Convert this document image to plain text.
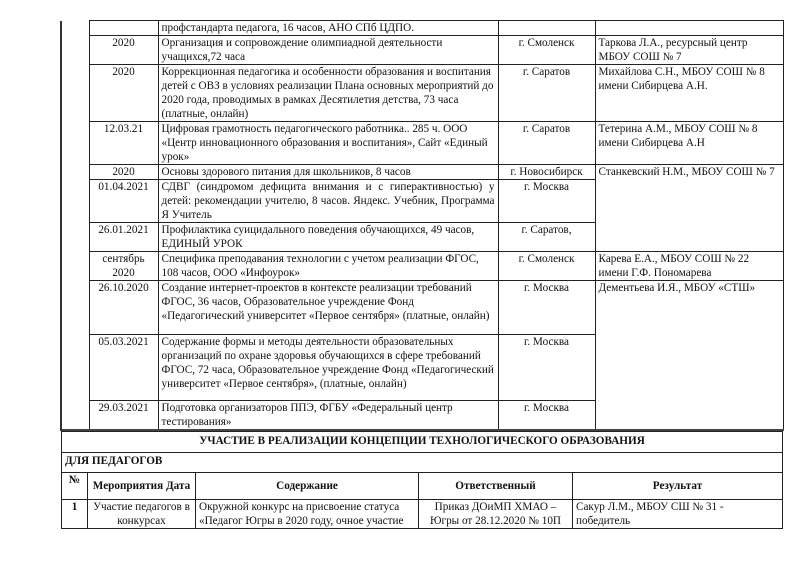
		профстандарта педагога, 16 часов, АНО СПб ЦДПО.		
	2020	Организация и сопровождение олимпиадной деятельности учащихся,72 часа	г. Смоленск	Таркова Л.А., ресурсный центр МБОУ СОШ № 7
	2020	Коррекционная педагогика и особенности образования и воспитания детей с ОВЗ в условиях реализации Плана основных мероприятий до 2020 года, проводимых в рамках Десятилетия детства, 73 часа (платные, онлайн)	г. Саратов	Михайлова С.Н., МБОУ СОШ № 8 имени Сибирцева А.Н.
	12.03.21	Цифровая грамотность педагогического работника.. 285 ч. ООО «Центр инновационного образования и воспитания», Сайт «Единый урок»	г. Саратов	Тетерина А.М., МБОУ СОШ № 8 имени Сибирцева А.Н
	2020	Основы здорового питания для школьников, 8 часов	г. Новосибирск	Станкевский Н.М., МБОУ СОШ № 7
	01.04.2021	СДВГ (синдромом дефицита внимания и с гиперактивностью) у детей: рекомендации учителю, 8 часов. Яндекс. Учебник, Программа Я Учитель	г. Москва	
	26.01.2021	Профилактика суицидального поведения обучающихся, 49 часов, ЕДИНЫЙ УРОК	г. Саратов,	
	сентябрь 2020	Специфика преподавания технологии с учетом реализации ФГОС, 108 часов, ООО «Инфоурок»	г. Смоленск	Карева Е.А., МБОУ СОШ № 22 имени Г.Ф. Пономарева
	26.10.2020	Создание интернет-проектов в контексте реализации требований ФГОС, 36 часов, Образовательное учреждение Фонд «Педагогический университет «Первое сентября» (платные, онлайн)	г. Москва	Дементьева И.Я., МБОУ «СТШ»
	05.03.2021	Содержание формы и методы деятельности образовательных организаций по охране здоровья обучающихся в сфере требований ФГОС, 72 часа, Образовательное учреждение Фонд «Педагогический университет «Первое сентября», (платные, онлайн)	г. Москва	
	29.03.2021	Подготовка организаторов ППЭ, ФГБУ «Федеральный центр тестирования»	г. Москва	
УЧАСТИЕ В РЕАЛИЗАЦИИ КОНЦЕПЦИИ ТЕХНОЛОГИЧЕСКОГО ОБРАЗОВАНИЯ				
ДЛЯ ПЕДАГОГОВ				
№	Мероприятия Дата	Содержание	Ответственный	Результат
1	Участие педагогов в конкурсах	Окружной конкурс на присвоение статуса «Педагог Югры в 2020 году, очное участие	Приказ ДОиМП ХМАО – Югры от 28.12.2020 № 10П	Сакур Л.М., МБОУ СШ № 31 - победитель
